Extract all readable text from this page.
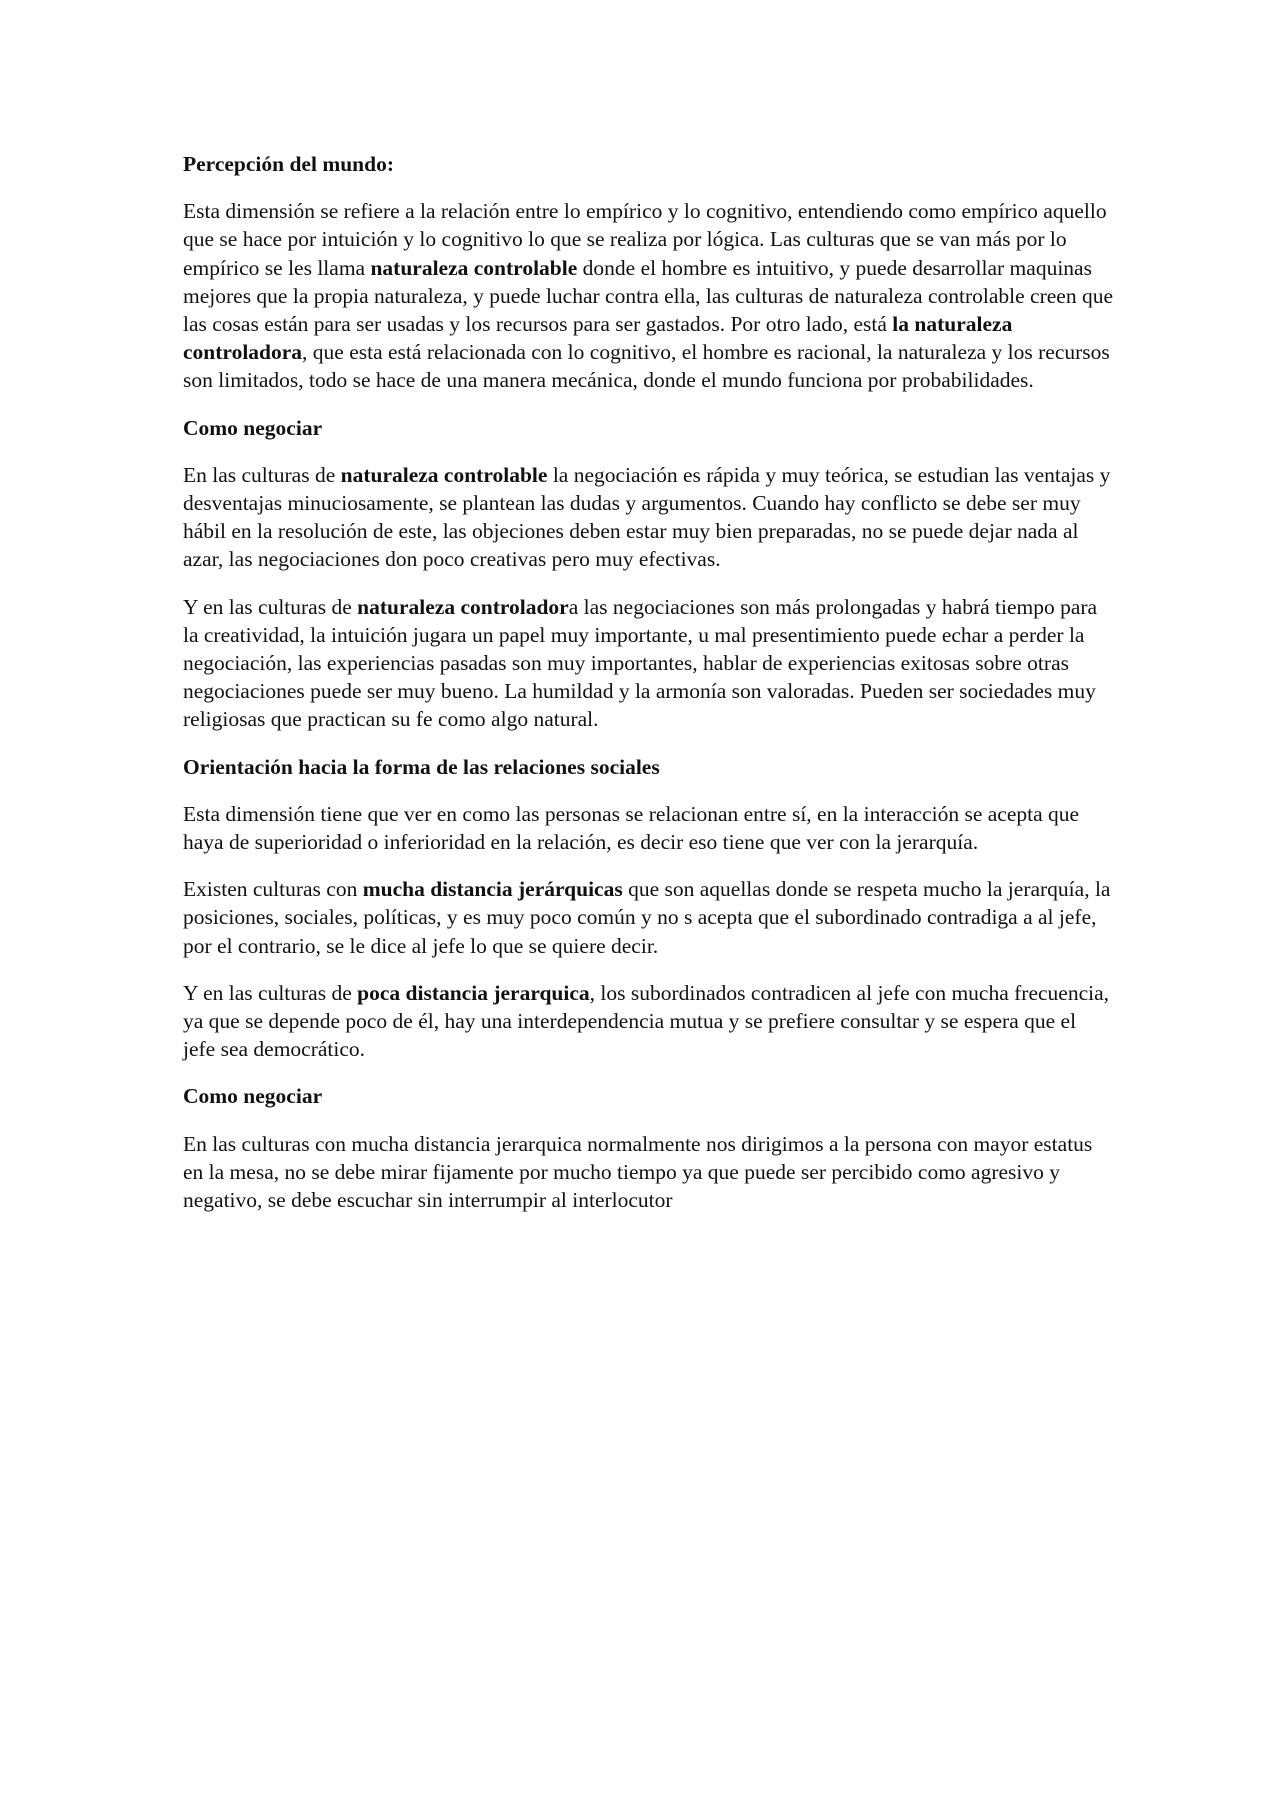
Percepción del mundo:

Esta dimensión se refiere a la relación entre lo empírico y lo cognitivo, entendiendo como empírico aquello que se hace por intuición y lo cognitivo lo que se realiza por lógica. Las culturas que se van más por lo empírico se les llama naturaleza controlable donde el hombre es intuitivo, y puede desarrollar maquinas mejores que la propia naturaleza, y puede luchar contra ella, las culturas de naturaleza controlable creen que las cosas están para ser usadas y los recursos para ser gastados. Por otro lado, está la naturaleza controladora, que esta está relacionada con lo cognitivo, el hombre es racional, la naturaleza y los recursos son limitados, todo se hace de una manera mecánica, donde el mundo funciona por probabilidades.

Como negociar

En las culturas de naturaleza controlable la negociación es rápida y muy teórica, se estudian las ventajas y desventajas minuciosamente, se plantean las dudas y argumentos. Cuando hay conflicto se debe ser muy hábil en la resolución de este, las objeciones deben estar muy bien preparadas, no se puede dejar nada al azar, las negociaciones don poco creativas pero muy efectivas.

Y en las culturas de naturaleza controladora las negociaciones son más prolongadas y habrá tiempo para la creatividad, la intuición jugara un papel muy importante, u mal presentimiento puede echar a perder la negociación, las experiencias pasadas son muy importantes, hablar de experiencias exitosas sobre otras negociaciones puede ser muy bueno. La humildad y la armonía son valoradas. Pueden ser sociedades muy religiosas que practican su fe como algo natural.

Orientación hacia la forma de las relaciones sociales

Esta dimensión tiene que ver en como las personas se relacionan entre sí, en la interacción se acepta que haya de superioridad o inferioridad en la relación, es decir eso tiene que ver con la jerarquía.

Existen culturas con mucha distancia jerárquicas que son aquellas donde se respeta mucho la jerarquía, la posiciones, sociales, políticas, y es muy poco común y no s acepta que el subordinado contradiga a al jefe, por el contrario, se le dice al jefe lo que se quiere decir.

Y en las culturas de poca distancia jerarquica, los subordinados contradicen al jefe con mucha frecuencia, ya que se depende poco de él, hay una interdependencia mutua y se prefiere consultar y se espera que el jefe sea democrático.

Como negociar

En las culturas con mucha distancia jerarquica normalmente nos dirigimos a la persona con mayor estatus en la mesa, no se debe mirar fijamente por mucho tiempo ya que puede ser percibido como agresivo y negativo, se debe escuchar sin interrumpir al interlocutor
